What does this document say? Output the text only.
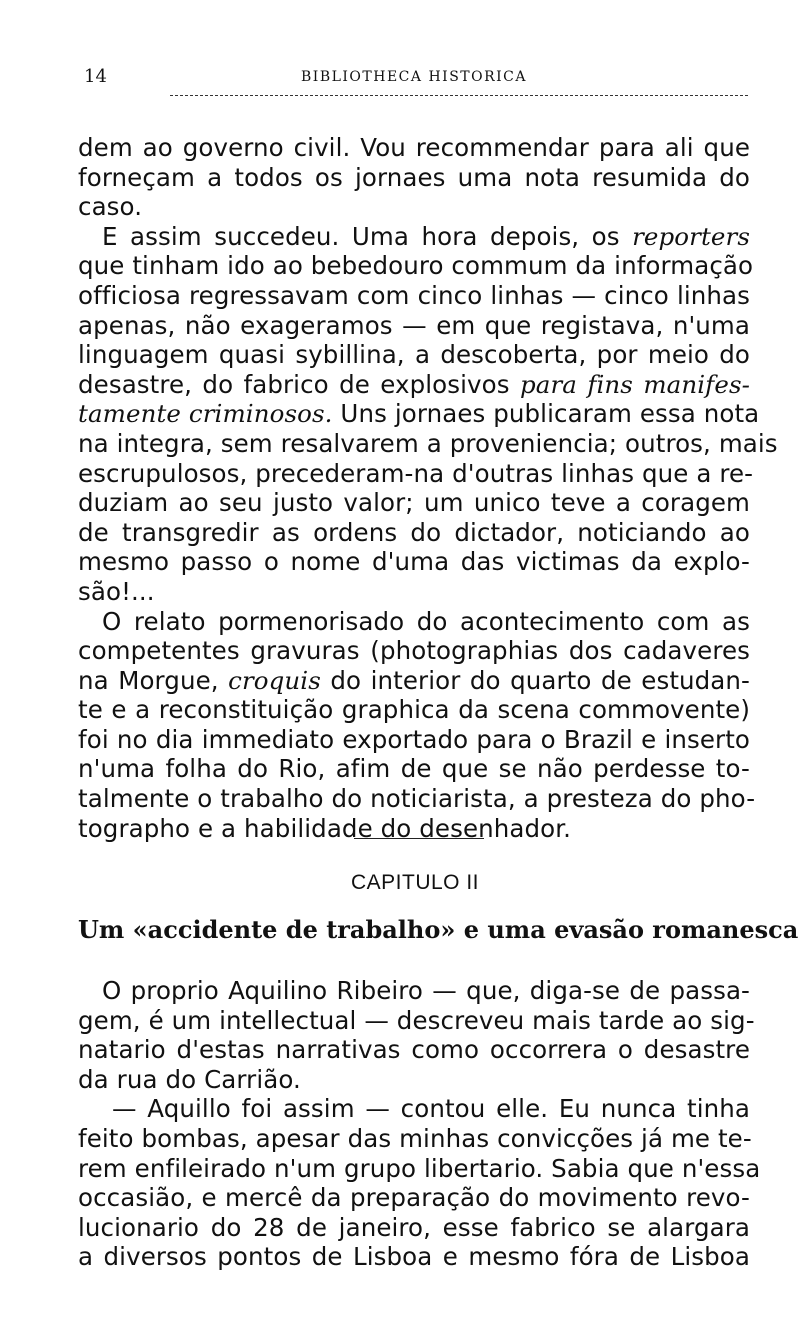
14	BIBLIOTHECA HISTORICA
dem ao governo civil. Vou recommendar para ali que
forneçam a todos os jornaes uma nota resumida do
caso.
E assim succedeu. Uma hora depois, os reporters
que tinham ido ao bebedouro commum da informação
officiosa regressavam com cinco linhas — cinco linhas
apenas, não exageramos — em que registava, n'uma
linguagem quasi sybillina, a descoberta, por meio do
desastre, do fabrico de explosivos para fins manifes-
tamente criminosos. Uns jornaes publicaram essa nota
na integra, sem resalvarem a proveniencia; outros, mais
escrupulosos, precederam-na d'outras linhas que a re-
duziam ao seu justo valor; um unico teve a coragem
de transgredir as ordens do dictador, noticiando ao
mesmo passo o nome d'uma das victimas da explo-
são!...
O relato pormenorisado do acontecimento com as
competentes gravuras (photographias dos cadaveres
na Morgue, croquis do interior do quarto de estudan-
te e a reconstituição graphica da scena commovente)
foi no dia immediato exportado para o Brazil e inserto
n'uma folha do Rio, afim de que se não perdesse to-
talmente o trabalho do noticiarista, a presteza do pho-
tographo e a habilidade do desenhador.
CAPITULO II
Um «accidente de trabalho» e uma evasão romanesca
O proprio Aquilino Ribeiro — que, diga-se de passa-
gem, é um intellectual — descreveu mais tarde ao sig-
natario d'estas narrativas como occorrera o desastre
da rua do Carrião.
— Aquillo foi assim — contou elle. Eu nunca tinha
feito bombas, apesar das minhas convicções já me te-
rem enfileirado n'um grupo libertario. Sabia que n'essa
occasião, e mercê da preparação do movimento revo-
lucionario do 28 de janeiro, esse fabrico se alargara
a diversos pontos de Lisboa e mesmo fóra de Lisboa
